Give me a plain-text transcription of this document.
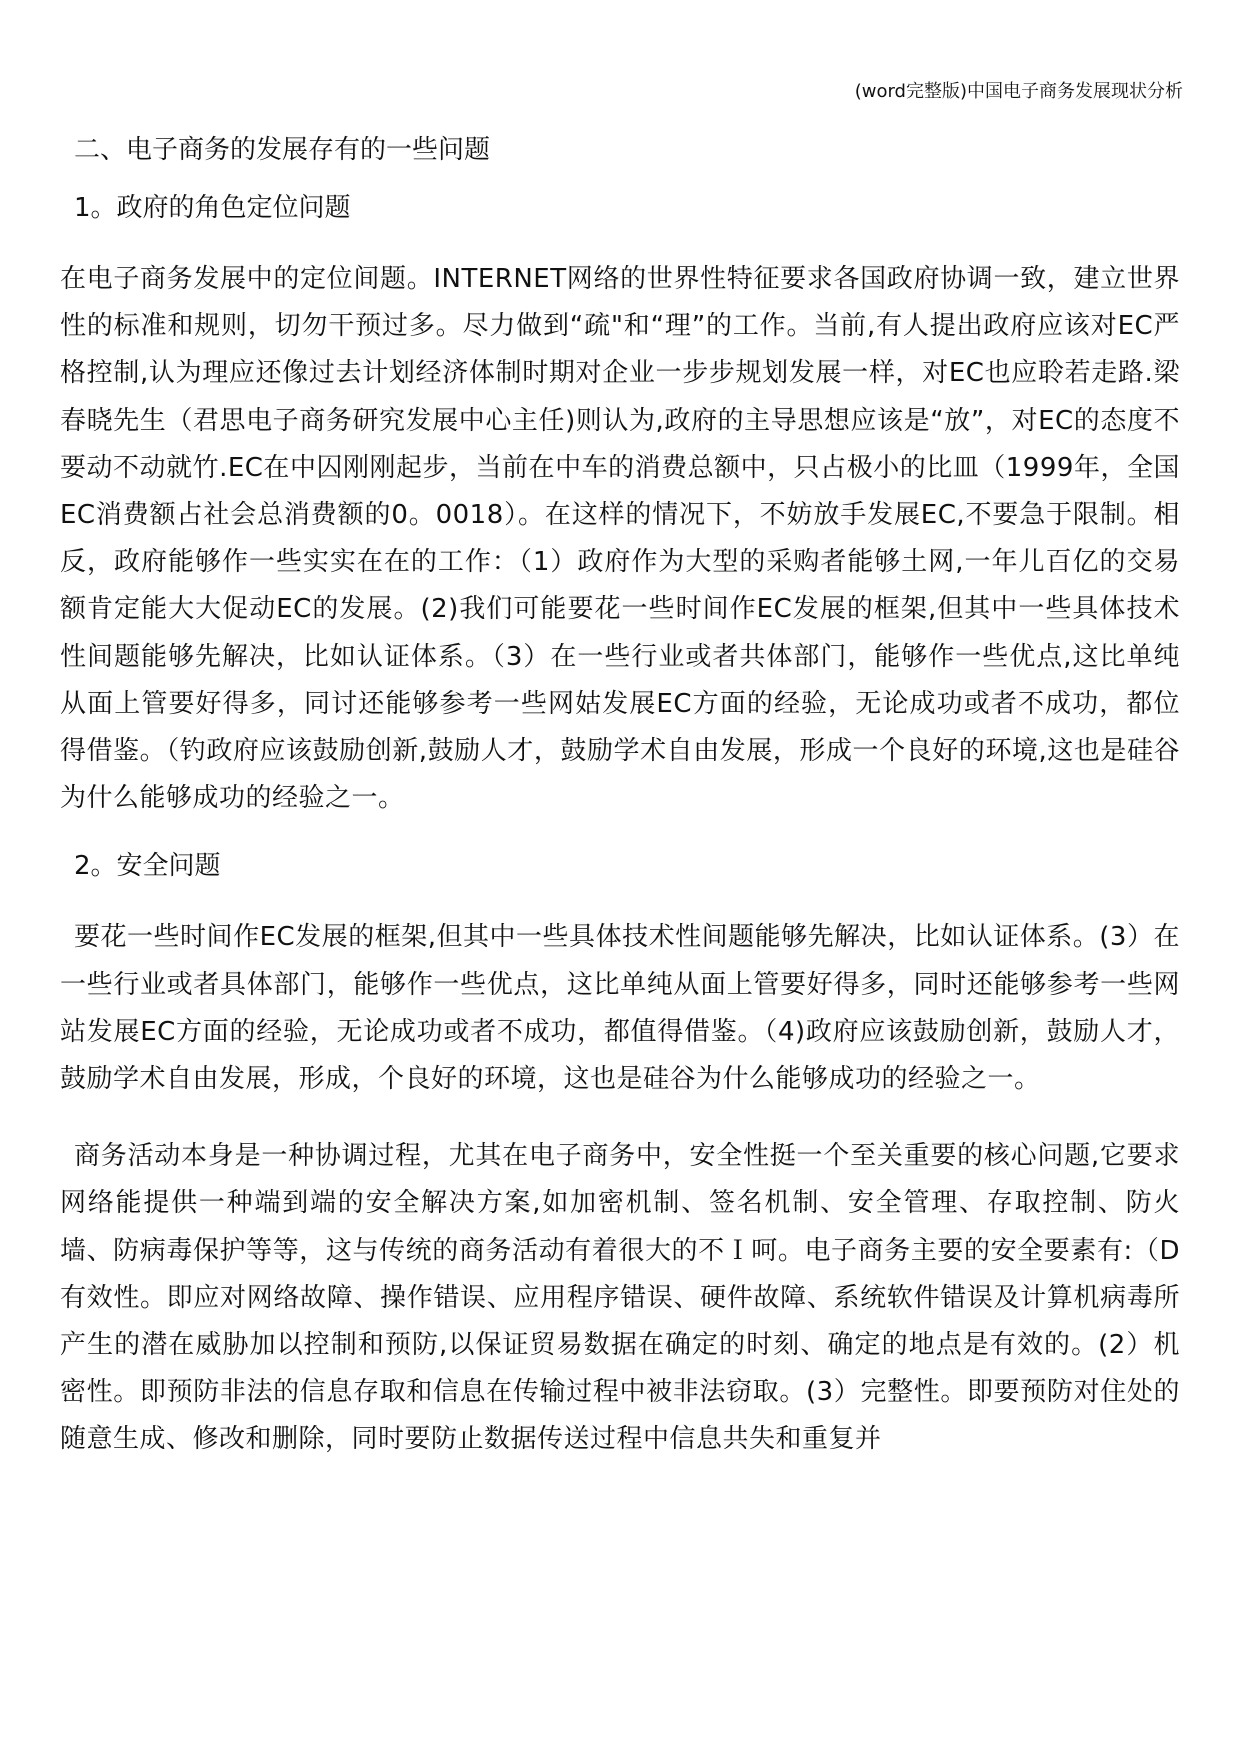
(word完整版)中国电子商务发展现状分析
二、电子商务的发展存有的一些问题
1。政府的角色定位问题

在电子商务发展中的定位间题。INTERNET网络的世界性特征要求各国政府协调一致，建立世界性的标准和规则，切勿干预过多。尽力做到“疏"和“理”的工作。当前,有人提出政府应该对EC严格控制,认为理应还像过去计划经济体制时期对企业一步步规划发展一样，对EC也应聆若走路.梁春晓先生（君思电子商务研究发展中心主任)则认为,政府的主导思想应该是“放”，对EC的态度不要动不动就竹.EC在中囚刚刚起步，当前在中车的消费总额中，只占极小的比皿（1999年，全国EC消费额占社会总消费额的0。0018）。在这样的情况下，不妨放手发展EC,不要急于限制。相反，政府能够作一些实实在在的工作：（1）政府作为大型的采购者能够土网,一年儿百亿的交易额肯定能大大促动EC的发展。(2)我们可能要花一些时间作EC发展的框架,但其中一些具体技术性间题能够先解决，比如认证体系。（3）在一些行业或者共体部门，能够作一些优点,这比单纯从面上管要好得多，同讨还能够参考一些网姑发展EC方面的经验，无论成功或者不成功，都位得借鉴。（钓政府应该鼓励创新,鼓励人才，鼓励学术自由发展，形成一个良好的环境,这也是硅谷为什么能够成功的经验之一。

2。安全问题

要花一些时间作EC发展的框架,但其中一些具体技术性间题能够先解决，比如认证体系。(3）在一些行业或者具体部门，能够作一些优点，这比单纯从面上管要好得多，同时还能够参考一些网站发展EC方面的经验，无论成功或者不成功，都值得借鉴。（4)政府应该鼓励创新，鼓励人才，鼓励学术自由发展，形成，个良好的环境，这也是硅谷为什么能够成功的经验之一。

商务活动本身是一种协调过程，尤其在电子商务中，安全性挺一个至关重要的核心问题,它要求网络能提供一种端到端的安全解决方案,如加密机制、签名机制、安全管理、存取控制、防火墙、防病毒保护等等，这与传统的商务活动有着很大的不Ｉ呵。电子商务主要的安全要素有:（D有效性。即应对网络故障、操作错误、应用程序错误、硬件故障、系统软件错误及计算机病毒所产生的潜在威胁加以控制和预防,以保证贸易数据在确定的时刻、确定的地点是有效的。(2）机密性。即预防非法的信息存取和信息在传输过程中被非法窃取。(3）完整性。即要预防对住处的随意生成、修改和删除，同时要防止数据传送过程中信息共失和重复并
